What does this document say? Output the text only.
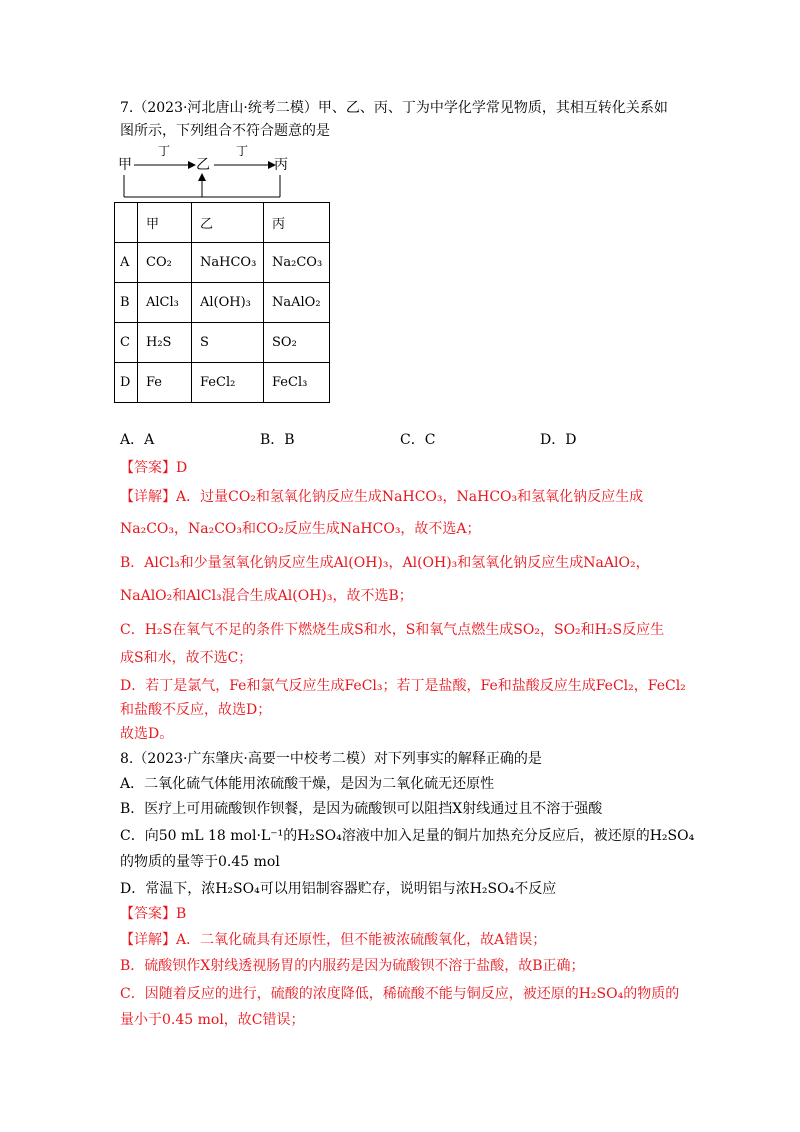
7.（2023·河北唐山·统考二模）甲、乙、丙、丁为中学化学常见物质，其相互转化关系如
图所示，下列组合不符合题意的是
甲	乙	丙
丁	丁
	甲	乙	丙
A	CO₂	NaHCO₃	Na₂CO₃
B	AlCl₃	Al(OH)₃	NaAlO₂
C	H₂S	S	SO₂
D	Fe	FeCl₂	FeCl₃
A．A	B．B	C．C	D．D
【答案】D
【详解】A．过量CO₂和氢氧化钠反应生成NaHCO₃，NaHCO₃和氢氧化钠反应生成
Na₂CO₃，Na₂CO₃和CO₂反应生成NaHCO₃，故不选A；
B．AlCl₃和少量氢氧化钠反应生成Al(OH)₃，Al(OH)₃和氢氧化钠反应生成NaAlO₂，
NaAlO₂和AlCl₃混合生成Al(OH)₃，故不选B；
C．H₂S在氧气不足的条件下燃烧生成S和水，S和氧气点燃生成SO₂，SO₂和H₂S反应生
成S和水，故不选C；
D．若丁是氯气，Fe和氯气反应生成FeCl₃；若丁是盐酸，Fe和盐酸反应生成FeCl₂，FeCl₂
和盐酸不反应，故选D；
故选D。
8.（2023·广东肇庆·高要一中校考二模）对下列事实的解释正确的是
A．二氧化硫气体能用浓硫酸干燥，是因为二氧化硫无还原性
B．医疗上可用硫酸钡作钡餐，是因为硫酸钡可以阻挡X射线通过且不溶于强酸
C．向50 mL 18 mol·L⁻¹的H₂SO₄溶液中加入足量的铜片加热充分反应后，被还原的H₂SO₄
的物质的量等于0.45 mol
D．常温下，浓H₂SO₄可以用铝制容器贮存，说明铝与浓H₂SO₄不反应
【答案】B
【详解】A．二氧化硫具有还原性，但不能被浓硫酸氧化，故A错误；
B．硫酸钡作X射线透视肠胃的内服药是因为硫酸钡不溶于盐酸，故B正确；
C．因随着反应的进行，硫酸的浓度降低，稀硫酸不能与铜反应，被还原的H₂SO₄的物质的
量小于0.45 mol，故C错误；
